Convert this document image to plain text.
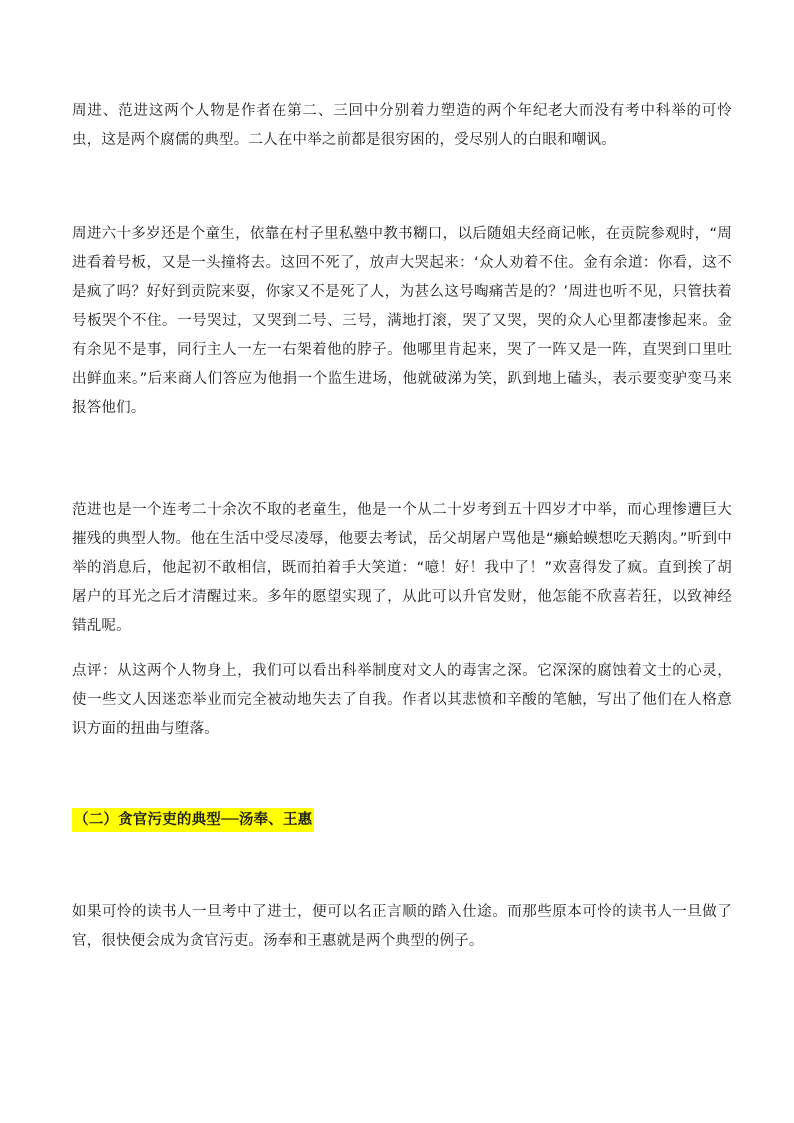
周进、范进这两个人物是作者在第二、三回中分别着力塑造的两个年纪老大而没有考中科举的可怜虫，这是两个腐儒的典型。二人在中举之前都是很穷困的，受尽别人的白眼和嘲讽。

周进六十多岁还是个童生，依靠在村子里私塾中教书糊口，以后随姐夫经商记帐，在贡院参观时，“周进看着号板，又是一头撞将去。这回不死了，放声大哭起来：‘众人劝着不住。金有余道：你看，这不是疯了吗？好好到贡院来耍，你家又不是死了人，为甚么这号啕痛苦是的？’周进也听不见，只管扶着号板哭个不住。一号哭过，又哭到二号、三号，满地打滚，哭了又哭，哭的众人心里都凄惨起来。金有余见不是事，同行主人一左一右架着他的脖子。他哪里肯起来，哭了一阵又是一阵，直哭到口里吐出鲜血来。”后来商人们答应为他捐一个监生进场，他就破涕为笑，趴到地上磕头，表示要变驴变马来报答他们。

范进也是一个连考二十余次不取的老童生，他是一个从二十岁考到五十四岁才中举，而心理惨遭巨大摧残的典型人物。他在生活中受尽凌辱，他要去考试，岳父胡屠户骂他是“癞蛤蟆想吃天鹅肉。”听到中举的消息后，他起初不敢相信，既而拍着手大笑道：“噫！好！我中了！”欢喜得发了疯。直到挨了胡屠户的耳光之后才清醒过来。多年的愿望实现了，从此可以升官发财，他怎能不欣喜若狂，以致神经错乱呢。

点评：从这两个人物身上，我们可以看出科举制度对文人的毒害之深。它深深的腐蚀着文士的心灵，使一些文人因迷恋举业而完全被动地失去了自我。作者以其悲愤和辛酸的笔触，写出了他们在人格意识方面的扭曲与堕落。

（二）贪官污吏的典型──汤奉、王惠

如果可怜的读书人一旦考中了进士，便可以名正言顺的踏入仕途。而那些原本可怜的读书人一旦做了官，很快便会成为贪官污吏。汤奉和王惠就是两个典型的例子。
